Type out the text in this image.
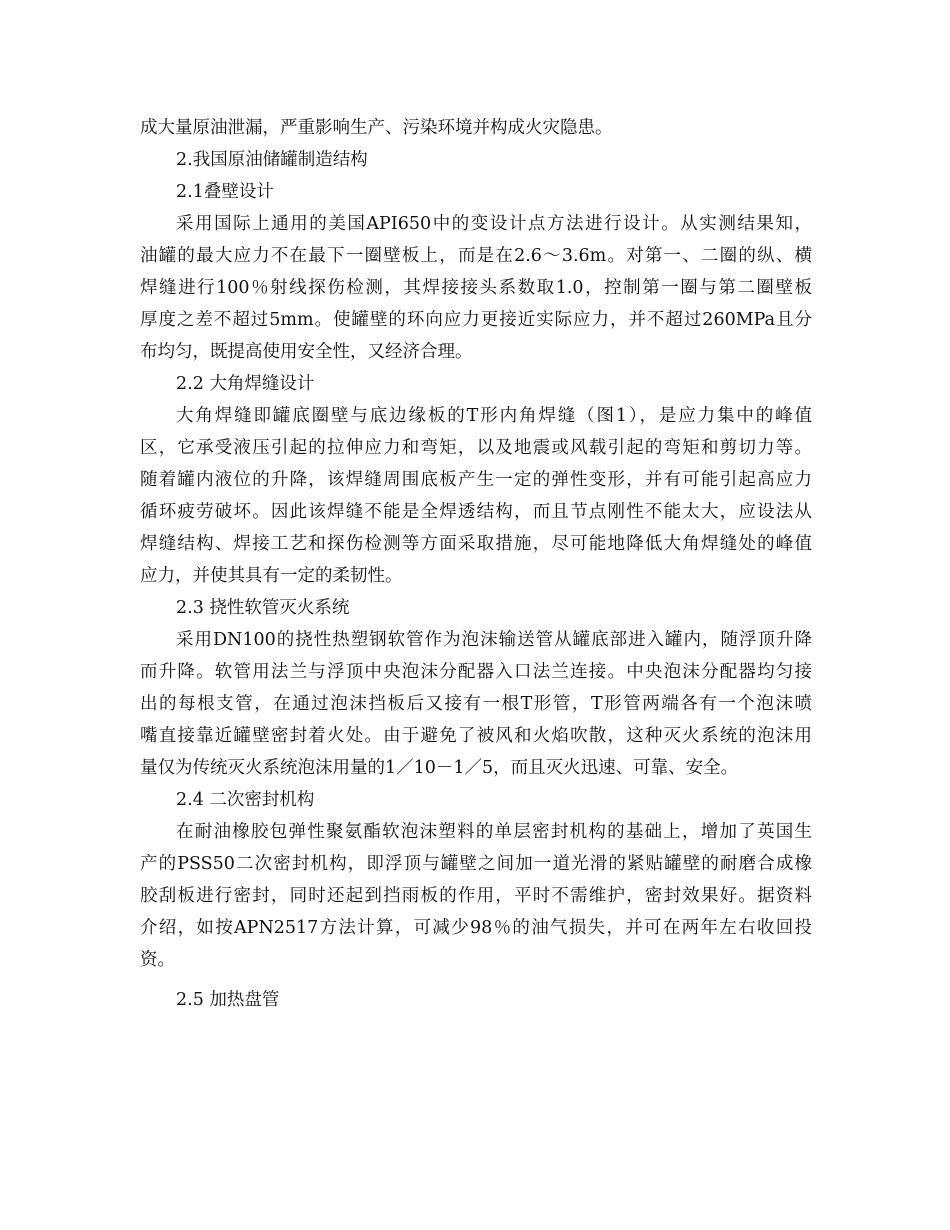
成大量原油泄漏，严重影响生产、污染环境并构成火灾隐患。
2.我国原油储罐制造结构
2.1叠壁设计
采用国际上通用的美国API650中的变设计点方法进行设计。从实测结果知，
油罐的最大应力不在最下一圈壁板上，而是在2.6～3.6m。对第一、二圈的纵、横
焊缝进行100％射线探伤检测，其焊接接头系数取1.0，控制第一圈与第二圈壁板
厚度之差不超过5mm。使罐壁的环向应力更接近实际应力，并不超过260MPa且分
布均匀，既提高使用安全性，又经济合理。
2.2 大角焊缝设计
大角焊缝即罐底圈壁与底边缘板的T形内角焊缝（图1），是应力集中的峰值
区，它承受液压引起的拉伸应力和弯矩，以及地震或风载引起的弯矩和剪切力等。
随着罐内液位的升降，该焊缝周围底板产生一定的弹性变形，并有可能引起高应力
循环疲劳破坏。因此该焊缝不能是全焊透结构，而且节点刚性不能太大，应设法从
焊缝结构、焊接工艺和探伤检测等方面采取措施，尽可能地降低大角焊缝处的峰值
应力，并使其具有一定的柔韧性。
2.3 挠性软管灭火系统
采用DN100的挠性热塑钢软管作为泡沫输送管从罐底部进入罐内，随浮顶升降
而升降。软管用法兰与浮顶中央泡沫分配器入口法兰连接。中央泡沫分配器均匀接
出的每根支管，在通过泡沫挡板后又接有一根T形管，T形管两端各有一个泡沫喷
嘴直接靠近罐壁密封着火处。由于避免了被风和火焰吹散，这种灭火系统的泡沫用
量仅为传统灭火系统泡沫用量的1／10－1／5，而且灭火迅速、可靠、安全。
2.4 二次密封机构
在耐油橡胶包弹性聚氨酯软泡沫塑料的单层密封机构的基础上，增加了英国生
产的PSS50二次密封机构，即浮顶与罐壁之间加一道光滑的紧贴罐壁的耐磨合成橡
胶刮板进行密封，同时还起到挡雨板的作用，平时不需维护，密封效果好。据资料
介绍，如按APN2517方法计算，可减少98％的油气损失，并可在两年左右收回投
资。
2.5 加热盘管
